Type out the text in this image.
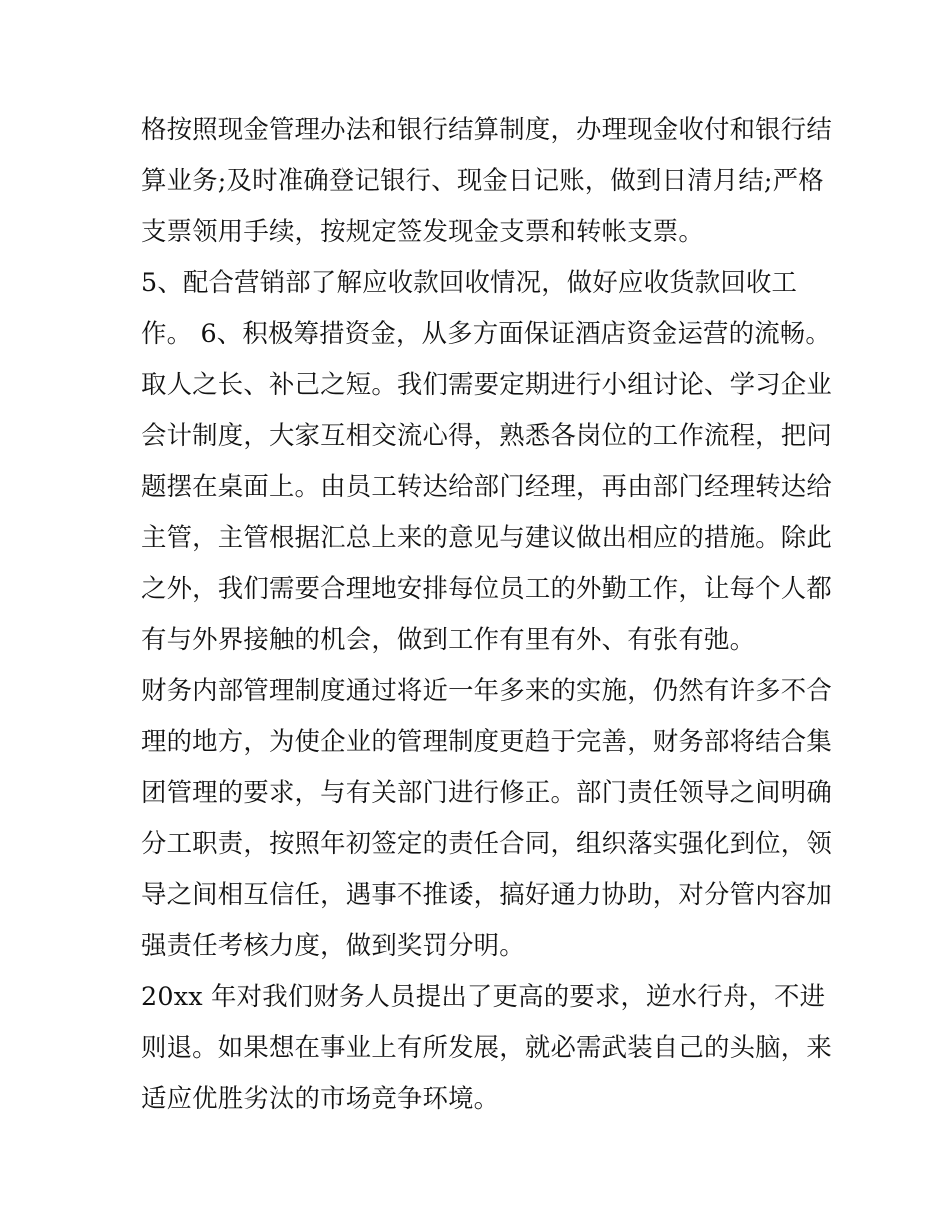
格按照现金管理办法和银行结算制度，办理现金收付和银行结
算业务;及时准确登记银行、现金日记账，做到日清月结;严格
支票领用手续，按规定签发现金支票和转帐支票。
5、配合营销部了解应收款回收情况，做好应收货款回收工
作。 6、积极筹措资金，从多方面保证酒店资金运营的流畅。
取人之长、补己之短。我们需要定期进行小组讨论、学习企业
会计制度，大家互相交流心得，熟悉各岗位的工作流程，把问
题摆在桌面上。由员工转达给部门经理，再由部门经理转达给
主管，主管根据汇总上来的意见与建议做出相应的措施。除此
之外，我们需要合理地安排每位员工的外勤工作，让每个人都
有与外界接触的机会，做到工作有里有外、有张有弛。
财务内部管理制度通过将近一年多来的实施，仍然有许多不合
理的地方，为使企业的管理制度更趋于完善，财务部将结合集
团管理的要求，与有关部门进行修正。部门责任领导之间明确
分工职责，按照年初签定的责任合同，组织落实强化到位，领
导之间相互信任，遇事不推诿，搞好通力协助，对分管内容加
强责任考核力度，做到奖罚分明。
20xx 年对我们财务人员提出了更高的要求，逆水行舟，不进
则退。如果想在事业上有所发展，就必需武装自己的头脑，来
适应优胜劣汰的市场竞争环境。
